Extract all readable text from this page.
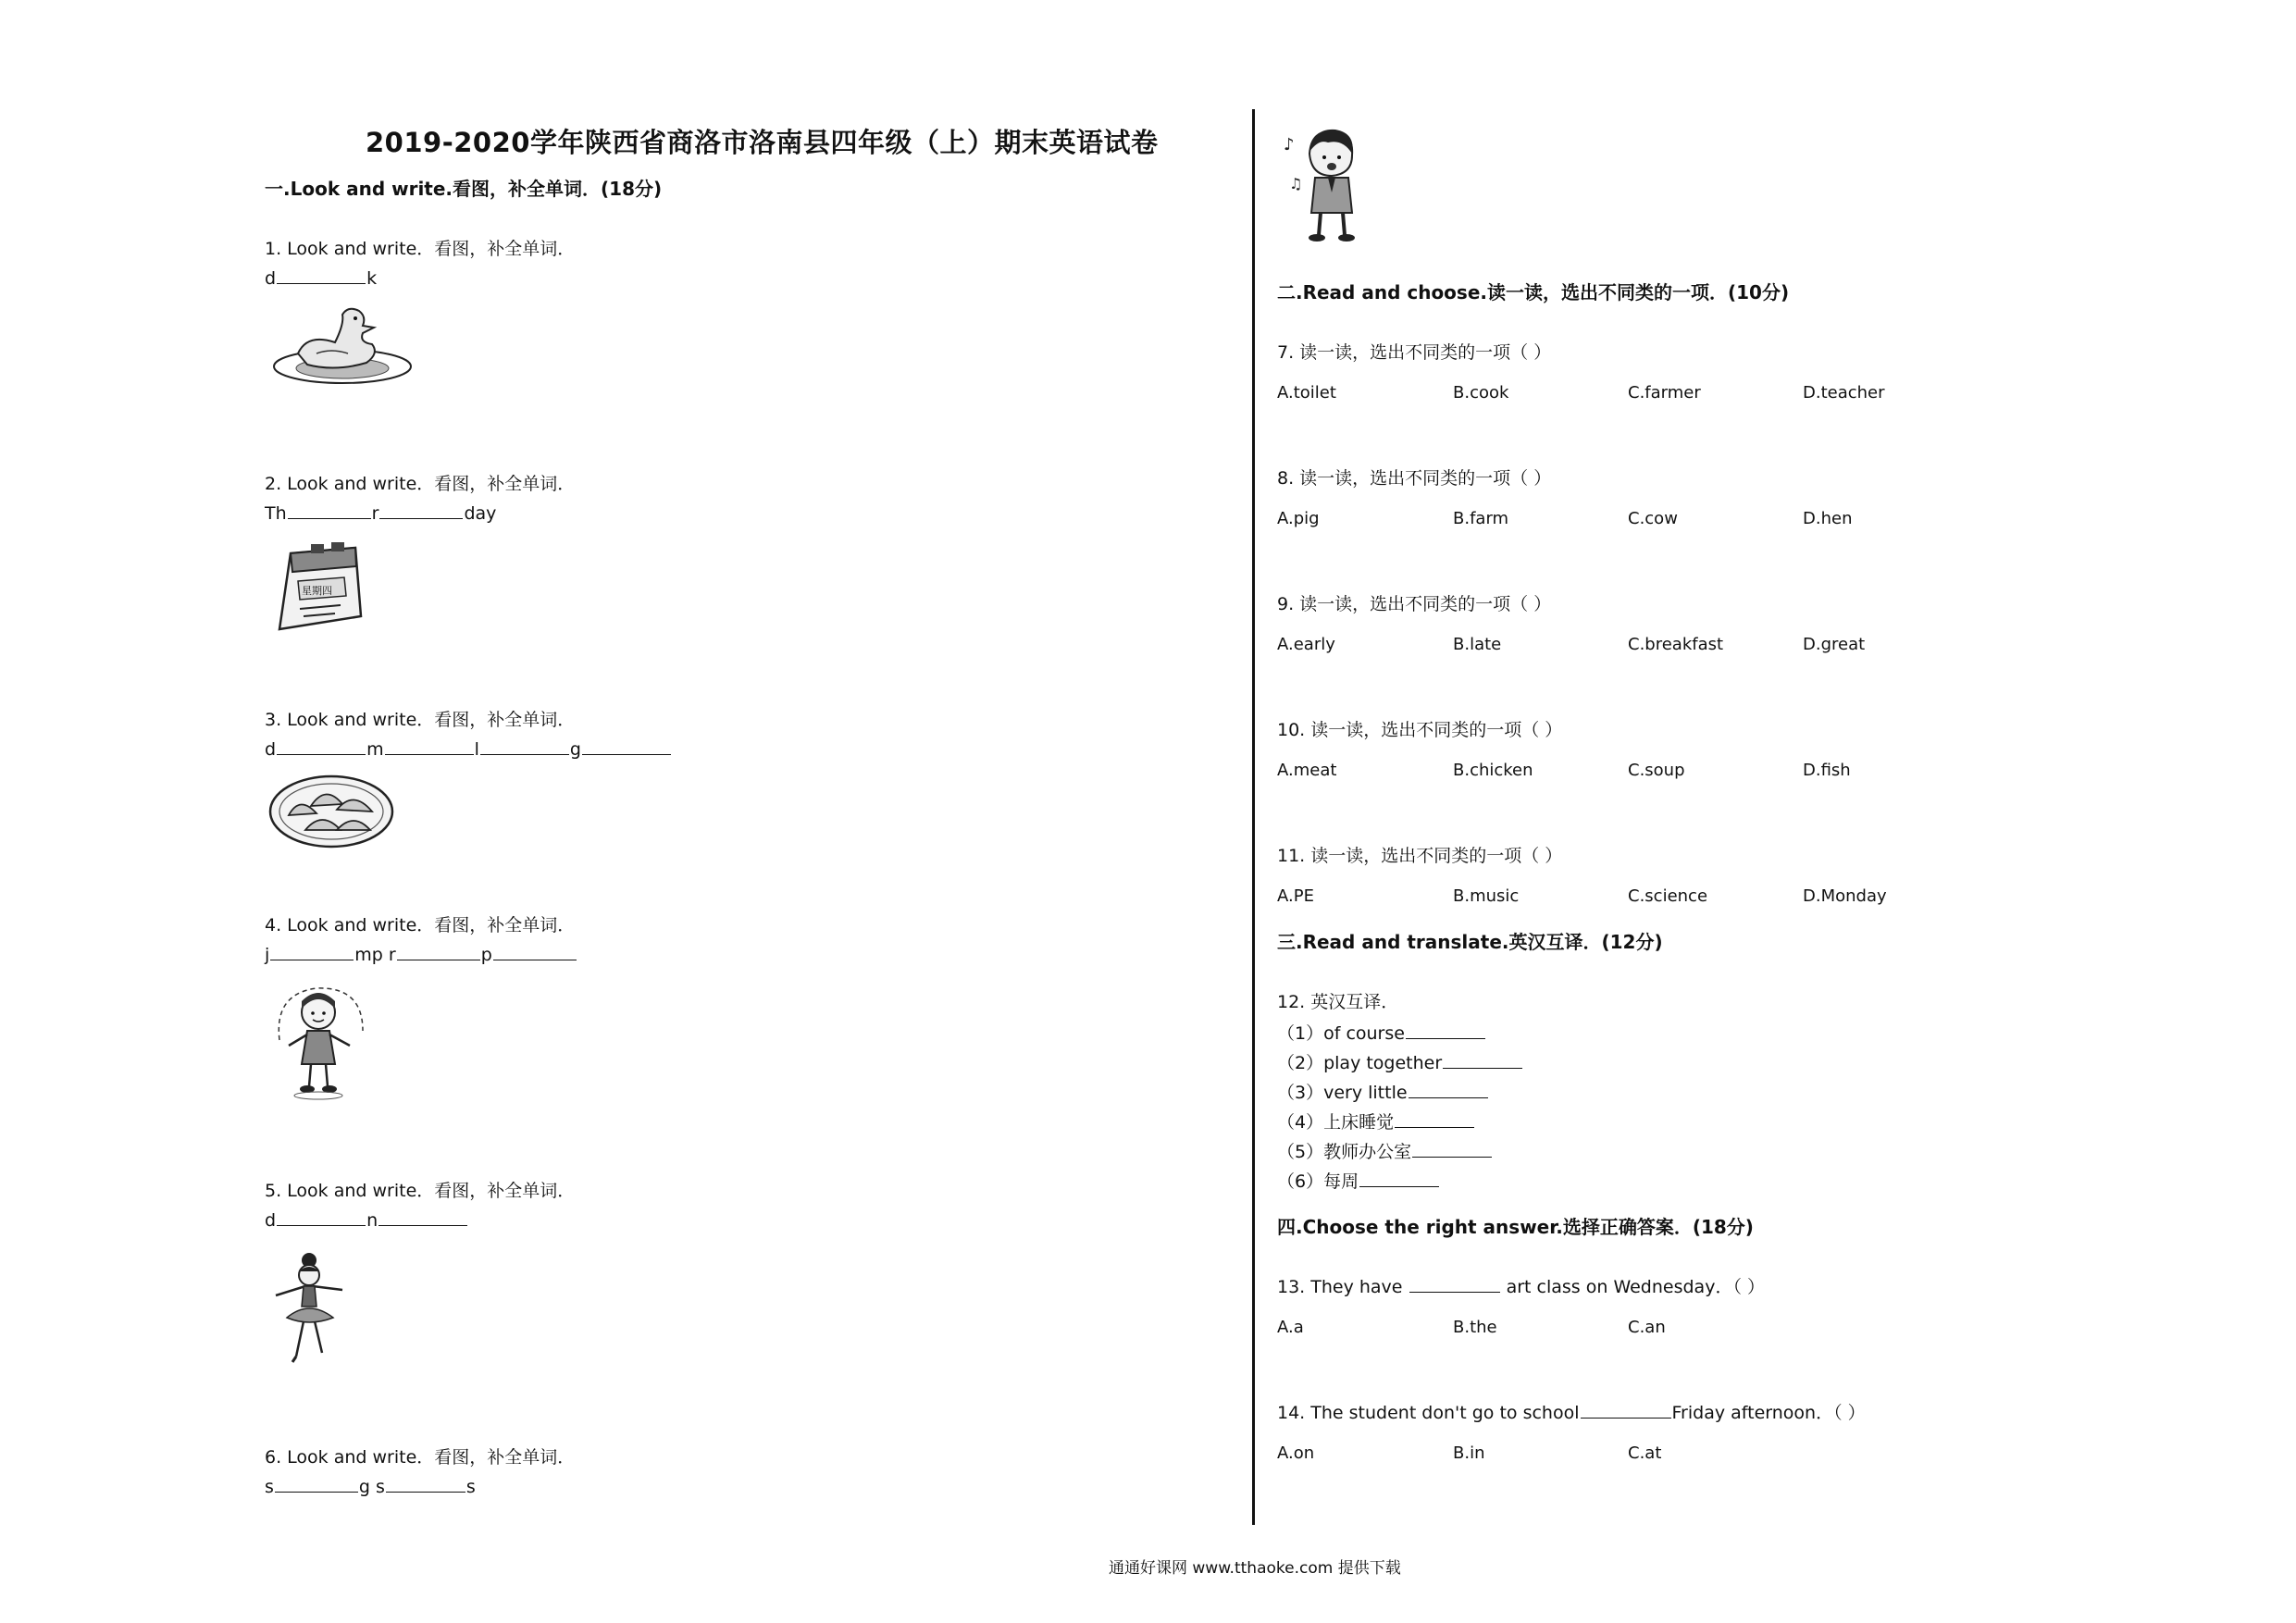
2019-2020学年陕西省商洛市洛南县四年级（上）期末英语试卷
一.Look and write.看图，补全单词．(18分)
1. Look and write．看图，补全单词．
d	k
2. Look and write．看图，补全单词．
Th	r	day
星期四
3. Look and write．看图，补全单词．
d	m	l	g
4. Look and write．看图，补全单词．
j	mp r	p
5. Look and write．看图，补全单词．
d	n
6. Look and write．看图，补全单词．
s	g s	s
♪
♫
二.Read and choose.读一读，选出不同类的一项．(10分)
7. 读一读，选出不同类的一项（ ）
A.toilet	B.cook	C.farmer	D.teacher
8. 读一读，选出不同类的一项（ ）
A.pig	B.farm	C.cow	D.hen
9. 读一读，选出不同类的一项（ ）
A.early	B.late	C.breakfast	D.great
10. 读一读，选出不同类的一项（ ）
A.meat	B.chicken	C.soup	D.fish
11. 读一读，选出不同类的一项（ ）
A.PE	B.music	C.science	D.Monday
三.Read and translate.英汉互译．(12分)
12. 英汉互译．
（1）of course
（2）play together
（3）very little
（4）上床睡觉
（5）教师办公室
（6）每周
四.Choose the right answer.选择正确答案．(18分)
13. They have	art class on Wednesday．（ ）
A.a	B.the	C.an
14. The student don't go to school	Friday afternoon．（ ）
A.on	B.in	C.at
通通好课网 www.tthaoke.com 提供下载
